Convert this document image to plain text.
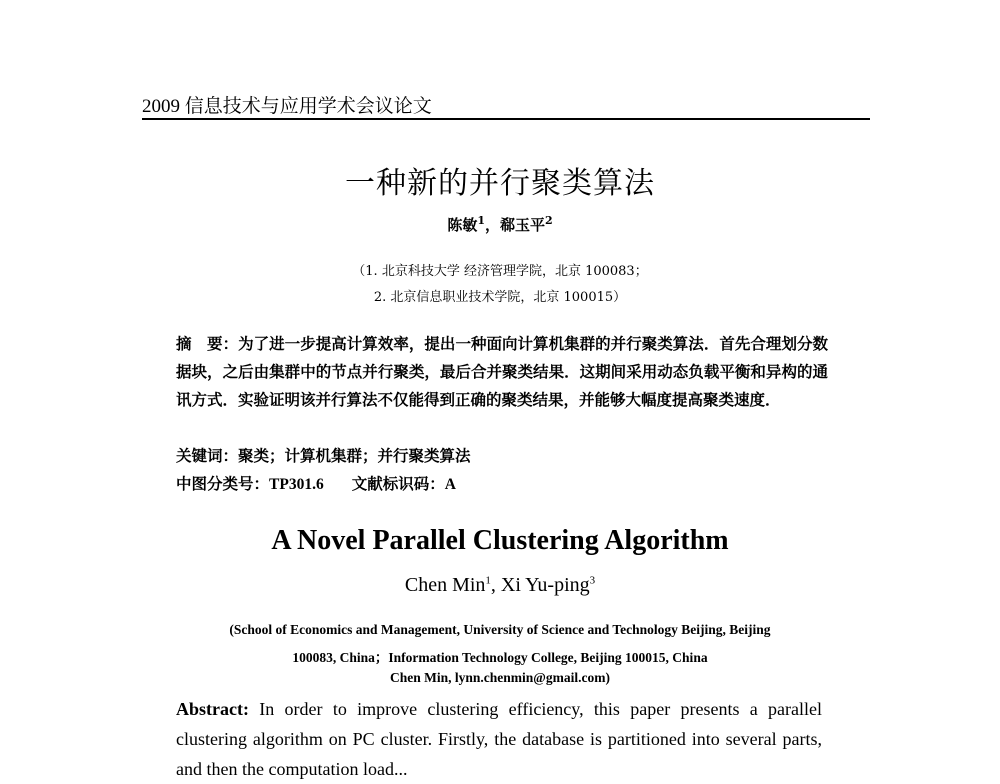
2009 信息技术与应用学术会议论文
一种新的并行聚类算法
陈敏$^1$，郗玉平$^2$
（1. 北京科技大学 经济管理学院，北京 100083；
2. 北京信息职业技术学院，北京 100015）
摘　要：为了进一步提高计算效率，提出一种面向计算机集群的并行聚类算法．首先合理划分数据块，之后由集群中的节点并行聚类，最后合并聚类结果．这期间采用动态负载平衡和异构的通讯方式．实验证明该并行算法不仅能得到正确的聚类结果，并能够大幅度提高聚类速度．
关键词：聚类；计算机集群；并行聚类算法
中图分类号：TP301.6 文献标识码：A
A Novel Parallel Clustering Algorithm
Chen Min$^1$, Xi Yu-ping$^3$
(School of Economics and Management, University of Science and Technology Beijing, Beijing
100083, China；Information Technology College, Beijing 100015, China
Chen Min, lynn.chenmin@gmail.com)
Abstract: In order to improve clustering efficiency, this paper presents a parallel clustering algorithm on PC cluster. Firstly, the database is partitioned into several parts, and then the computation load...
